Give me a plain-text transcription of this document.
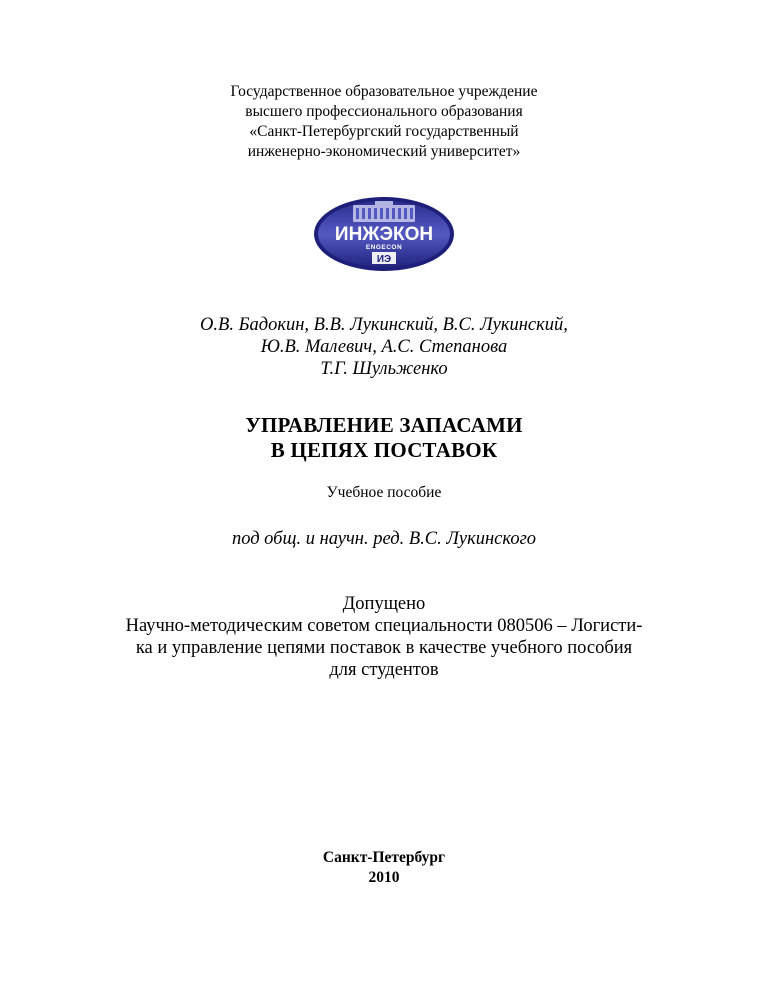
Государственное образовательное учреждение
высшего профессионального образования
«Санкт-Петербургский государственный
инженерно-экономический университет»
ИНЖЭКОН
ENGECON
ИЭ
О.В. Бадокин, В.В. Лукинский, В.С. Лукинский,
Ю.В. Малевич, А.С. Степанова
Т.Г. Шульженко
УПРАВЛЕНИЕ ЗАПАСАМИ
В ЦЕПЯХ ПОСТАВОК
Учебное пособие
под общ. и научн. ред. В.С. Лукинского
Допущено
Научно-методическим советом специальности 080506 – Логисти-
ка и управление цепями поставок в качестве учебного пособия
для студентов
Санкт-Петербург
2010
